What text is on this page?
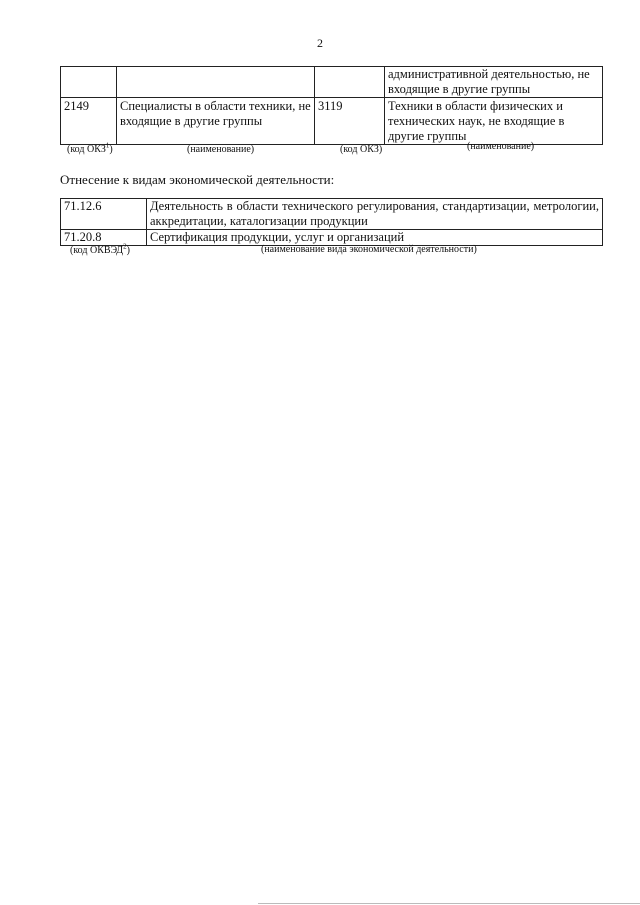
2
			административной деятельностью, не входящие в другие группы
2149	Специалисты в области техники, не входящие в другие группы	3119	Техники в области физических и технических наук, не входящие в другие группы
(код ОКЗ$^1$)	(наименование)	(код ОКЗ)	(наименование)
Отнесение к видам экономической деятельности:
71.12.6	Деятельность в области технического регулирования, стандартизации, метрологии, аккредитации, каталогизации продукции
71.20.8	Сертификация продукции, услуг и организаций
(код ОКВЭД$^2$)	(наименование вида экономической деятельности)
